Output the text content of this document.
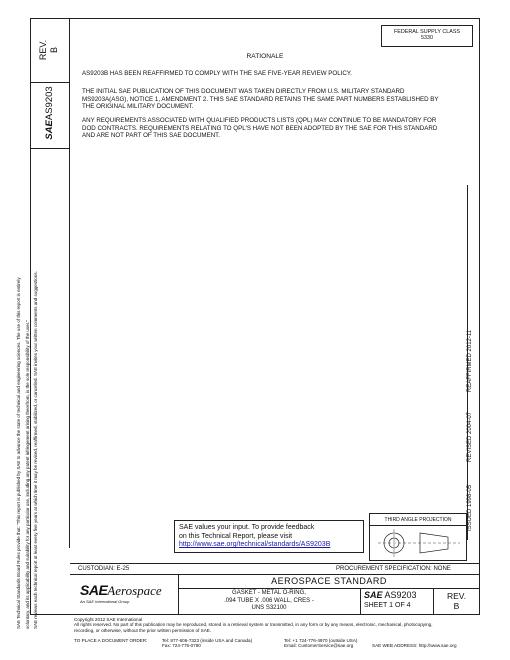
REV. B
SAEAS9203
SAE Technical Standards Board Rules provide that: "This report is published by SAE to advance the state of technical and engineering sciences. The use of this report is entirely voluntary, and its applicability and suitability for any particular use, including any patent infringement arising therefrom, is the sole responsibility of the user." SAE reviews each technical report at least every five years at which time it may be revised, reaffirmed, stabilized, or cancelled. SAE invites your written comments and suggestions.
FEDERAL SUPPLY CLASS
5330
RATIONALE
AS9203B HAS BEEN REAFFIRMED TO COMPLY WITH THE SAE FIVE-YEAR REVIEW POLICY.
THE INITIAL SAE PUBLICATION OF THIS DOCUMENT WAS TAKEN DIRECTLY FROM U.S. MILITARY STANDARD MS9203A(ASG), NOTICE 1, AMENDMENT 2. THIS SAE STANDARD RETAINS THE SAME PART NUMBERS ESTABLISHED BY THE ORIGINAL MILITARY DOCUMENT.
ANY REQUIREMENTS ASSOCIATED WITH QUALIFIED PRODUCTS LISTS (QPL) MAY CONTINUE TO BE MANDATORY FOR DOD CONTRACTS. REQUIREMENTS RELATING TO QPL'S HAVE NOT BEEN ADOPTED BY THE SAE FOR THIS STANDARD AND ARE NOT PART OF THIS SAE DOCUMENT.
ISSUED 1998-05
REVISED 2004-07
REAFFIRMED 2012-11
SAE values your input. To provide feedback
on this Technical Report, please visit
http://www.sae.org/technical/standards/AS9203B
THIRD ANGLE PROJECTION
CUSTODIAN: E-25	PROCUREMENT SPECIFICATION: NONE
SAEAerospace
An SAE International Group
AEROSPACE STANDARD
GASKET - METAL O-RING,
.094 TUBE X .006 WALL, CRES -
UNS S32100
SAE AS9203
SHEET 1 OF 4
REV.
B
Copyright 2012 SAE International
All rights reserved. No part of this publication may be reproduced, stored in a retrieval system or transmitted, in any form or by any means, electronic, mechanical, photocopying,
recording, or otherwise, without the prior written permission of SAE.
TO PLACE A DOCUMENT ORDER:	Tel: 877-606-7323 (inside USA and Canada)
Fax: 724-776-0790
Tel: +1 724-776-4970 (outside USA)
Email: CustomerService@sae.org	SAE WEB ADDRESS: http://www.sae.org
